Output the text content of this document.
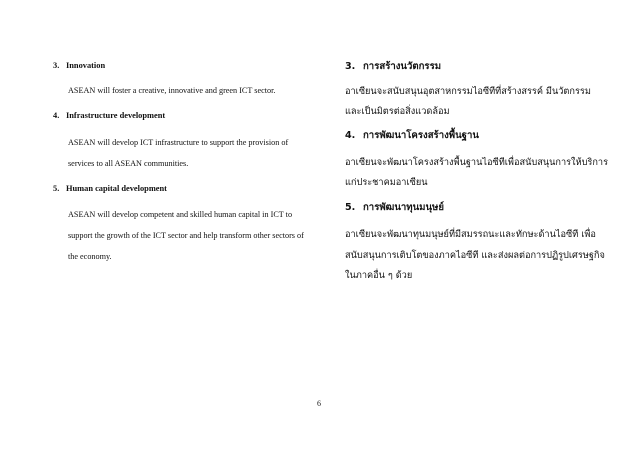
3. Innovation
ASEAN will foster a creative, innovative and green ICT sector.
4. Infrastructure development
ASEAN will develop ICT infrastructure to support the provision of
services to all ASEAN communities.
5. Human capital development
ASEAN will develop competent and skilled human capital in ICT to
support the growth of the ICT sector and help transform other sectors of
the economy.
3. การสร้างนวัตกรรม
อาเซียนจะสนับสนุนอุตสาหกรรมไอซีทีที่สร้างสรรค์ มีนวัตกรรม
และเป็นมิตรต่อสิ่งแวดล้อม
4. การพัฒนาโครงสร้างพื้นฐาน
อาเซียนจะพัฒนาโครงสร้างพื้นฐานไอซีทีเพื่อสนับสนุนการให้บริการ
แก่ประชาคมอาเซียน
5. การพัฒนาทุนมนุษย์
อาเซียนจะพัฒนาทุนมนุษย์ที่มีสมรรถนะและทักษะด้านไอซีที เพื่อ
สนับสนุนการเติบโตของภาคไอซีที และส่งผลต่อการปฏิรูปเศรษฐกิจ
ในภาคอื่น ๆ ด้วย
6
